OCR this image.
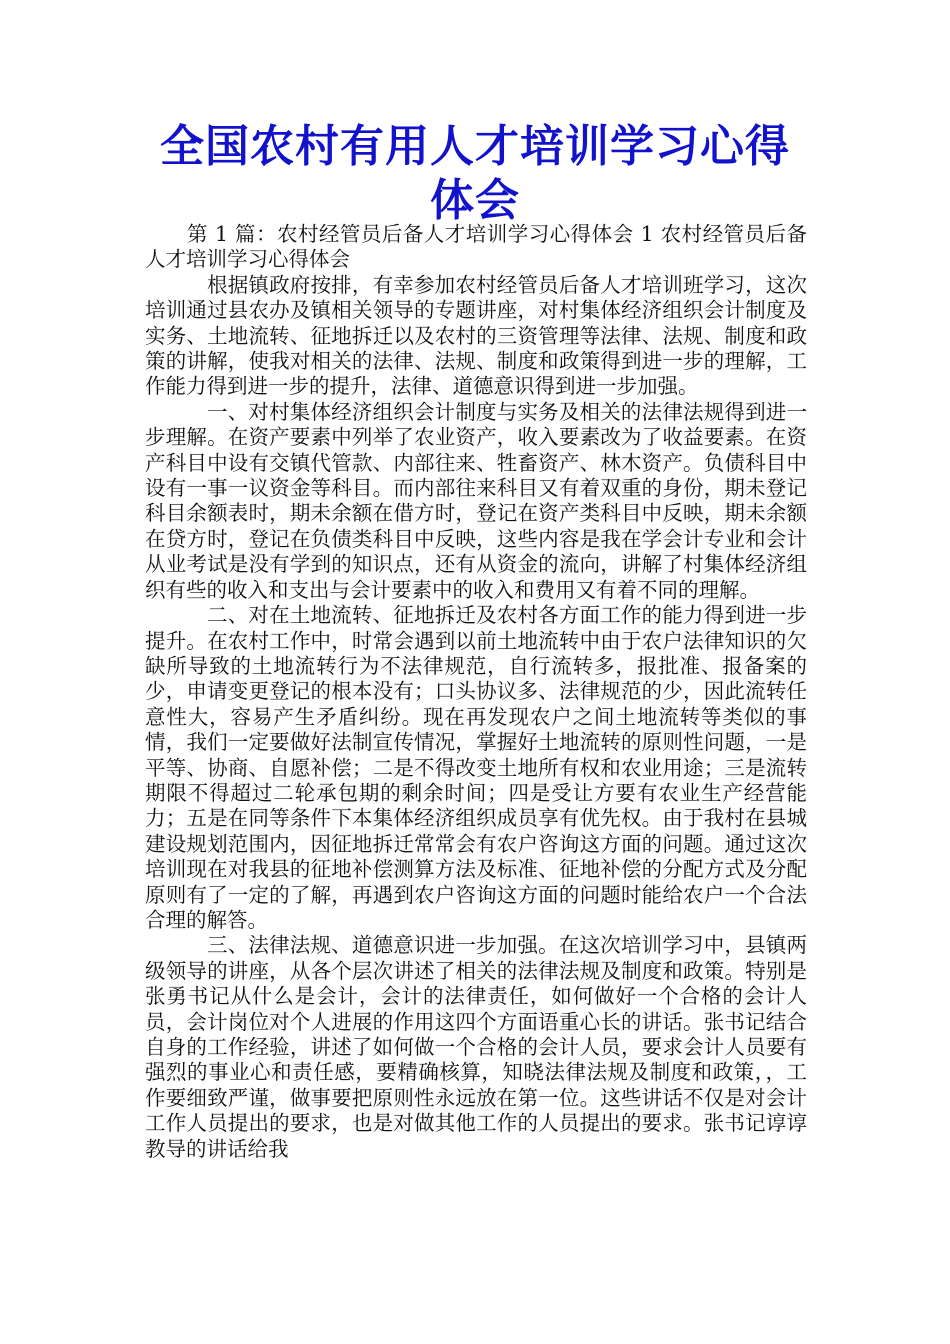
全国农村有用人才培训学习心得体会

第 1 篇：农村经管员后备人才培训学习心得体会 1 农村经管员后备人才培训学习心得体会

根据镇政府按排，有幸参加农村经管员后备人才培训班学习，这次培训通过县农办及镇相关领导的专题讲座，对村集体经济组织会计制度及实务、土地流转、征地拆迁以及农村的三资管理等法律、法规、制度和政策的讲解，使我对相关的法律、法规、制度和政策得到进一步的理解，工作能力得到进一步的提升，法律、道德意识得到进一步加强。

一、对村集体经济组织会计制度与实务及相关的法律法规得到进一步理解。在资产要素中列举了农业资产，收入要素改为了收益要素。在资产科目中设有交镇代管款、内部往来、牲畜资产、林木资产。负债科目中设有一事一议资金等科目。而内部往来科目又有着双重的身份，期未登记科目余额表时，期未余额在借方时，登记在资产类科目中反映，期未余额在贷方时，登记在负债类科目中反映，这些内容是我在学会计专业和会计从业考试是没有学到的知识点，还有从资金的流向，讲解了村集体经济组织有些的收入和支出与会计要素中的收入和费用又有着不同的理解。

二、对在土地流转、征地拆迁及农村各方面工作的能力得到进一步提升。在农村工作中，时常会遇到以前土地流转中由于农户法律知识的欠缺所导致的土地流转行为不法律规范，自行流转多，报批准、报备案的少，申请变更登记的根本没有；口头协议多、法律规范的少，因此流转任意性大，容易产生矛盾纠纷。现在再发现农户之间土地流转等类似的事情，我们一定要做好法制宣传情况，掌握好土地流转的原则性问题，一是平等、协商、自愿补偿；二是不得改变土地所有权和农业用途；三是流转期限不得超过二轮承包期的剩余时间；四是受让方要有农业生产经营能力；五是在同等条件下本集体经济组织成员享有优先权。由于我村在县城建设规划范围内，因征地拆迁常常会有农户咨询这方面的问题。通过这次培训现在对我县的征地补偿测算方法及标准、征地补偿的分配方式及分配原则有了一定的了解，再遇到农户咨询这方面的问题时能给农户一个合法合理的解答。

三、法律法规、道德意识进一步加强。在这次培训学习中，县镇两级领导的讲座，从各个层次讲述了相关的法律法规及制度和政策。特别是张勇书记从什么是会计，会计的法律责任，如何做好一个合格的会计人员，会计岗位对个人进展的作用这四个方面语重心长的讲话。张书记结合自身的工作经验，讲述了如何做一个合格的会计人员，要求会计人员要有强烈的事业心和责任感，要精确核算，知晓法律法规及制度和政策，，工作要细致严谨，做事要把原则性永远放在第一位。这些讲话不仅是对会计工作人员提出的要求，也是对做其他工作的人员提出的要求。张书记谆谆教导的讲话给我
